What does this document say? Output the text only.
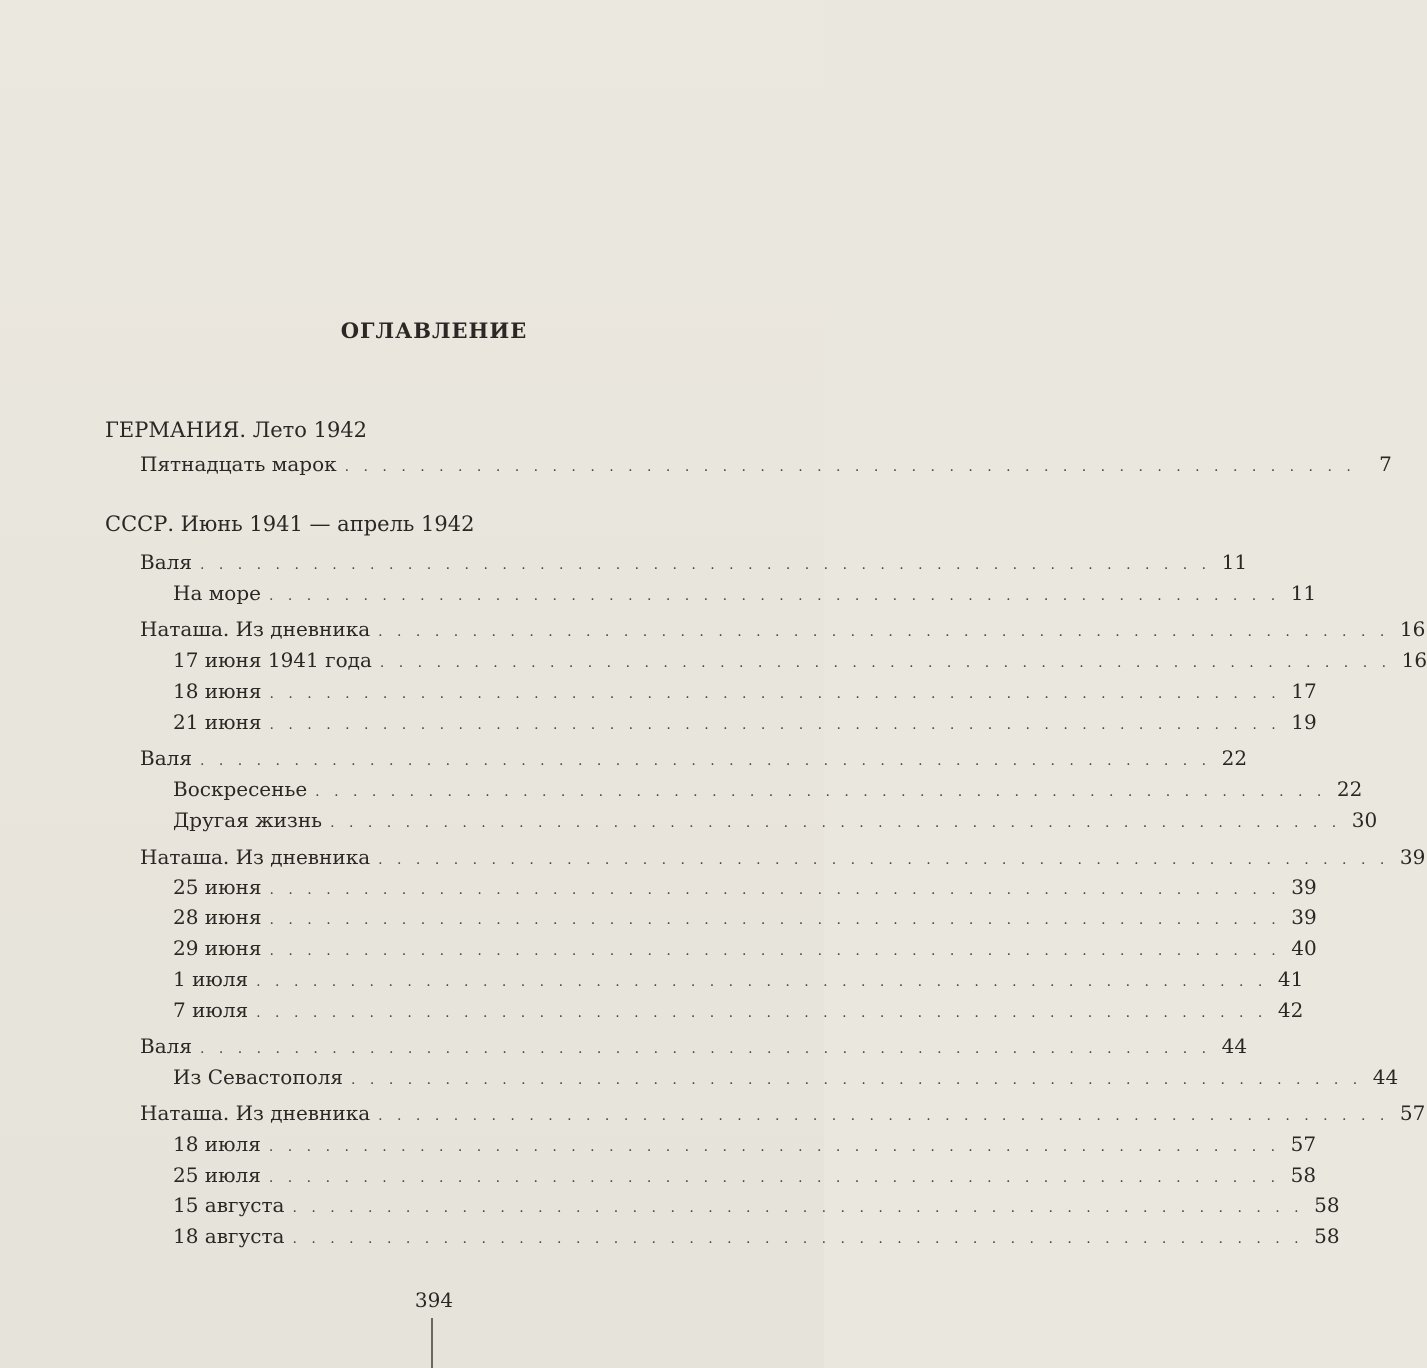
ОГЛАВЛЕНИЕ
ГЕРМАНИЯ. Лето 1942
Пятнадцать марок . . . . . . . . . . . . . . . . . . . . . . . . . . . . . . . . . . . . . . . . . . . . . . . . . . . . . .	7
СССР. Июнь 1941 — апрель 1942
Валя . . . . . . . . . . . . . . . . . . . . . . . . . . . . . . . . . . . . . . . . . . . . . . . . . . . . . . 11
На море . . . . . . . . . . . . . . . . . . . . . . . . . . . . . . . . . . . . . . . . . . . . . . . . . . . . . . 11
Наташа. Из дневника . . . . . . . . . . . . . . . . . . . . . . . . . . . . . . . . . . . . . . . . . . . . . . . . . . . . . . 16
17 июня 1941 года . . . . . . . . . . . . . . . . . . . . . . . . . . . . . . . . . . . . . . . . . . . . . . . . . . . . . . 16
18 июня . . . . . . . . . . . . . . . . . . . . . . . . . . . . . . . . . . . . . . . . . . . . . . . . . . . . . . 17
21 июня . . . . . . . . . . . . . . . . . . . . . . . . . . . . . . . . . . . . . . . . . . . . . . . . . . . . . . 19
Валя . . . . . . . . . . . . . . . . . . . . . . . . . . . . . . . . . . . . . . . . . . . . . . . . . . . . . . 22
Воскресенье . . . . . . . . . . . . . . . . . . . . . . . . . . . . . . . . . . . . . . . . . . . . . . . . . . . . . . 22
Другая жизнь . . . . . . . . . . . . . . . . . . . . . . . . . . . . . . . . . . . . . . . . . . . . . . . . . . . . . . 30
Наташа. Из дневника . . . . . . . . . . . . . . . . . . . . . . . . . . . . . . . . . . . . . . . . . . . . . . . . . . . . . . 39
25 июня . . . . . . . . . . . . . . . . . . . . . . . . . . . . . . . . . . . . . . . . . . . . . . . . . . . . . . 39
28 июня . . . . . . . . . . . . . . . . . . . . . . . . . . . . . . . . . . . . . . . . . . . . . . . . . . . . . . 39
29 июня . . . . . . . . . . . . . . . . . . . . . . . . . . . . . . . . . . . . . . . . . . . . . . . . . . . . . . 40
1 июля . . . . . . . . . . . . . . . . . . . . . . . . . . . . . . . . . . . . . . . . . . . . . . . . . . . . . . 41
7 июля . . . . . . . . . . . . . . . . . . . . . . . . . . . . . . . . . . . . . . . . . . . . . . . . . . . . . . 42
Валя . . . . . . . . . . . . . . . . . . . . . . . . . . . . . . . . . . . . . . . . . . . . . . . . . . . . . . 44
Из Севастополя . . . . . . . . . . . . . . . . . . . . . . . . . . . . . . . . . . . . . . . . . . . . . . . . . . . . . . 44
Наташа. Из дневника . . . . . . . . . . . . . . . . . . . . . . . . . . . . . . . . . . . . . . . . . . . . . . . . . . . . . . 57
18 июля . . . . . . . . . . . . . . . . . . . . . . . . . . . . . . . . . . . . . . . . . . . . . . . . . . . . . . 57
25 июля . . . . . . . . . . . . . . . . . . . . . . . . . . . . . . . . . . . . . . . . . . . . . . . . . . . . . . 58
15 августа . . . . . . . . . . . . . . . . . . . . . . . . . . . . . . . . . . . . . . . . . . . . . . . . . . . . . . 58
18 августа . . . . . . . . . . . . . . . . . . . . . . . . . . . . . . . . . . . . . . . . . . . . . . . . . . . . . . 58
394
